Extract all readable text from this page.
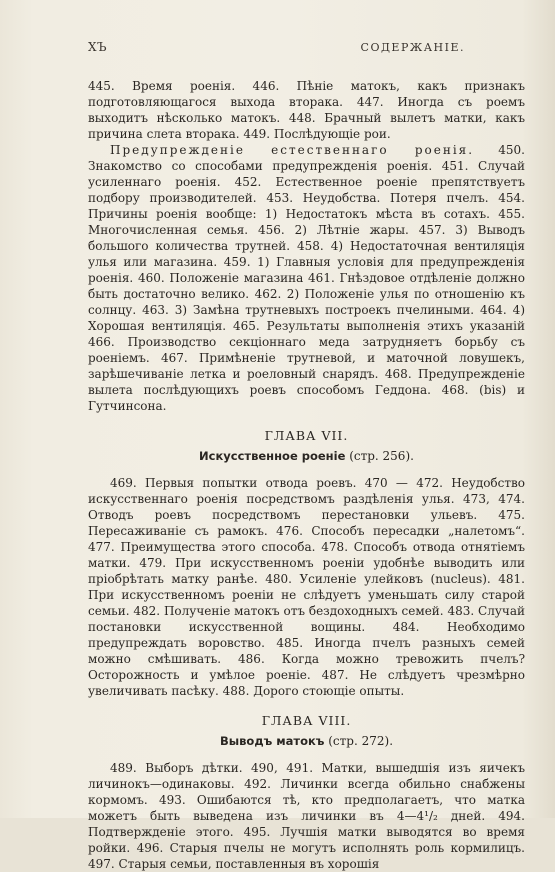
XЪ	СОДЕРЖАНIЕ.

445. Время роенiя. 446. Пѣнiе матокъ, какъ признакъ подготовляющагося выхода вторака. 447. Иногда съ роемъ выходитъ нѣсколько матокъ. 448. Брачный вылетъ матки, какъ причина слета вторака. 449. Послѣдующiе рои.

Предупрежденiе естественнаго роенiя. 450. Знакомство со способами предупрежденiя роенiя. 451. Случай усиленнаго роенiя. 452. Естественное роенiе препятствуетъ подбору производителей. 453. Неудобства. Потеря пчелъ. 454. Причины роенiя вообще: 1) Недостатокъ мѣста въ сотахъ. 455. Многочисленная семья. 456. 2) Лѣтнiе жары. 457. 3) Выводъ большого количества трутней. 458. 4) Недостаточная вентиляцiя улья или магазина. 459. 1) Главныя условiя для предупрежденiя роенiя. 460. Положенiе магазина 461. Гнѣздовое отдѣленiе должно быть достаточно велико. 462. 2) Положенiе улья по отношенiю къ солнцу. 463. 3) Замѣна трутневыхъ построекъ пчелиными. 464. 4) Хорошая вентиляцiя. 465. Результаты выполненiя этихъ указанiй 466. Производство секцiоннаго меда затрудняетъ борьбу съ роенiемъ. 467. Примѣненiе трутневой, и маточной ловушекъ, зарѣшечиванiе летка и роеловный снарядъ. 468. Предупрежденiе вылета послѣдующихъ роевъ способомъ Геддона. 468. (bis) и Гутчинсона.

ГЛАВА VII.
Искусственное роенiе (стр. 256).

469. Первыя попытки отвода роевъ. 470 — 472. Неудобство искусственнаго роенiя посредствомъ раздѣленiя улья. 473, 474. Отводъ роевъ посредствомъ перестановки ульевъ. 475. Пересаживанiе съ рамокъ. 476. Способъ пересадки „налетомъ“. 477. Преимущества этого способа. 478. Способъ отвода отнятiемъ матки. 479. При искусственномъ роенiи удобнѣе выводить или прiобрѣтать матку ранѣе. 480. Усиленiе улейковъ (nucleus). 481. При искусственномъ роенiи не слѣдуетъ уменьшать силу старой семьи. 482. Полученiе матокъ отъ бездоходныхъ семей. 483. Случай постановки искусственной вощины. 484. Необходимо предупреждать воровство. 485. Иногда пчелъ разныхъ семей можно смѣшивать. 486. Когда можно тревожить пчелъ? Осторожность и умѣлое роенiе. 487. Не слѣдуетъ чрезмѣрно увеличивать пасѣку. 488. Дорого стоющiе опыты.

ГЛАВА VIII.
Выводъ матокъ (стр. 272).

489. Выборъ дѣтки. 490, 491. Матки, вышедшiя изъ яичекъ личинокъ—одинаковы. 492. Личинки всегда обильно снабжены кормомъ. 493. Ошибаются тѣ, кто предполагаетъ, что матка можетъ быть выведена изъ личинки въ 4—4¹/₂ дней. 494. Подтвержденiе этого. 495. Лучшiя матки выводятся во время ройки. 496. Старыя пчелы не могутъ исполнять роль кормилицъ. 497. Старыя семьи, поставленныя въ хорошiя
